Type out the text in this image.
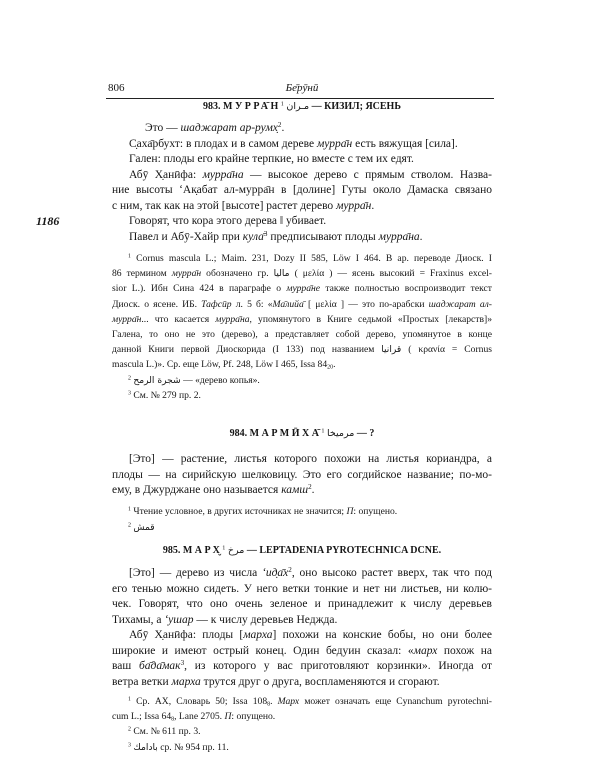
806	Бе̄рӯнӣ
1186
983. $МУРРА̄Н^1$ مـران — КИЗИЛ; ЯСЕНЬ
Это — шаджарат ар-румх̣$^2$.
С̣аха̄рбухт: в плодах и в самом дереве мурра̄н есть вяжущая [сила].
Гален: плоды его крайне терпкие, но вместе с тем их едят.
Абӯ Х̣анӣфа: мурра̄на — высокое дерево с прямым стволом. Назва-
ние высоты ʻАк̣абат ал-мурра̄н в [долине] Гуты около Дамаска связано
с ним, так как на этой [высоте] растет дерево мурра̄н.
Говорят, что кора этого дерева ‖ убивает.
Павел и Абӯ-Хайр при кула̄$^3$ предписывают плоды мурра̄на.
$^1$ Cornus mascula L.; Maim. 231, Dozy II 585, Löw I 464. В ар. переводе Диоск. I
86 термином мурра̄н обозначено гр. ماليا ( μελία ) — ясень высокий = Fraxinus excel-
sior L.). Ибн Сина 424 в параграфе о мурра̄не также полностью воспроизводит текст
Диоск. о ясене. ИБ. Тафсӣр л. 5 б: «Ма̄лийа̄ [ μελία ] — это по-арабски шаджарат ал-
мурра̄н... что касается мурра̄на, упомянутого в Книге седьмой «Простых [лекарств]»
Галена, то оно не это (дерево), а представляет собой дерево, упомянутое в конце
данной Книги первой Диоскорида (I 133) под названием قرانيا ( κρανία = Cornus
mascula L.)». Ср. еще Löw, Pf. 248, Löw I 465, Issa $84_{20}$.
$^2$ شجرة الرمح — «дерево копья».
$^3$ См. № 279 пр. 2.
984. МАРМӢХА̄$^1$ مرميخا — ?
[Это] — растение, листья которого похожи на листья кориандра, а
плоды — на сирийскую шелковицу. Это его согдийское название; по-мо-
ему, в Джурджане оно называется камш$^2$.
$^1$ Чтение условное, в других источниках не значится; П: опущено.
$^2$ قمش
985. МАРХ̮$^1$ مرخ — LEPTADENIA PYROTECHNICA DCNE.
[Это] — дерево из числа $ʻид̣а̄х^2$, оно высоко растет вверх, так что под
его тенью можно сидеть. У него ветки тонкие и нет ни листьев, ни колю-
чек. Говорят, что оно очень зеленое и принадлежит к числу деревьев
Тихамы, а ʻушар — к числу деревьев Неджда.
Абӯ Х̣анӣфа: плоды [марха] похожи на конские бобы, но они более
широкие и имеют острый конец. Один бедуин сказал: «марх похож на
ваш ба̄да̄мак$^3$, из которого у вас приготовляют корзинки». Иногда от
ветра ветки марха трутся друг о друга, воспламеняются и сгорают.
$^1$ Ср. АХ, Словарь 50; Issa $108_8$. Марх может означать еще Cynanchum pyrotechni-
cum L.; Issa $64_8$, Lane 2705. П: опущено.
$^2$ См. № 611 пр. 3.
$^3$ بادامك ср. № 954 пр. 11.
